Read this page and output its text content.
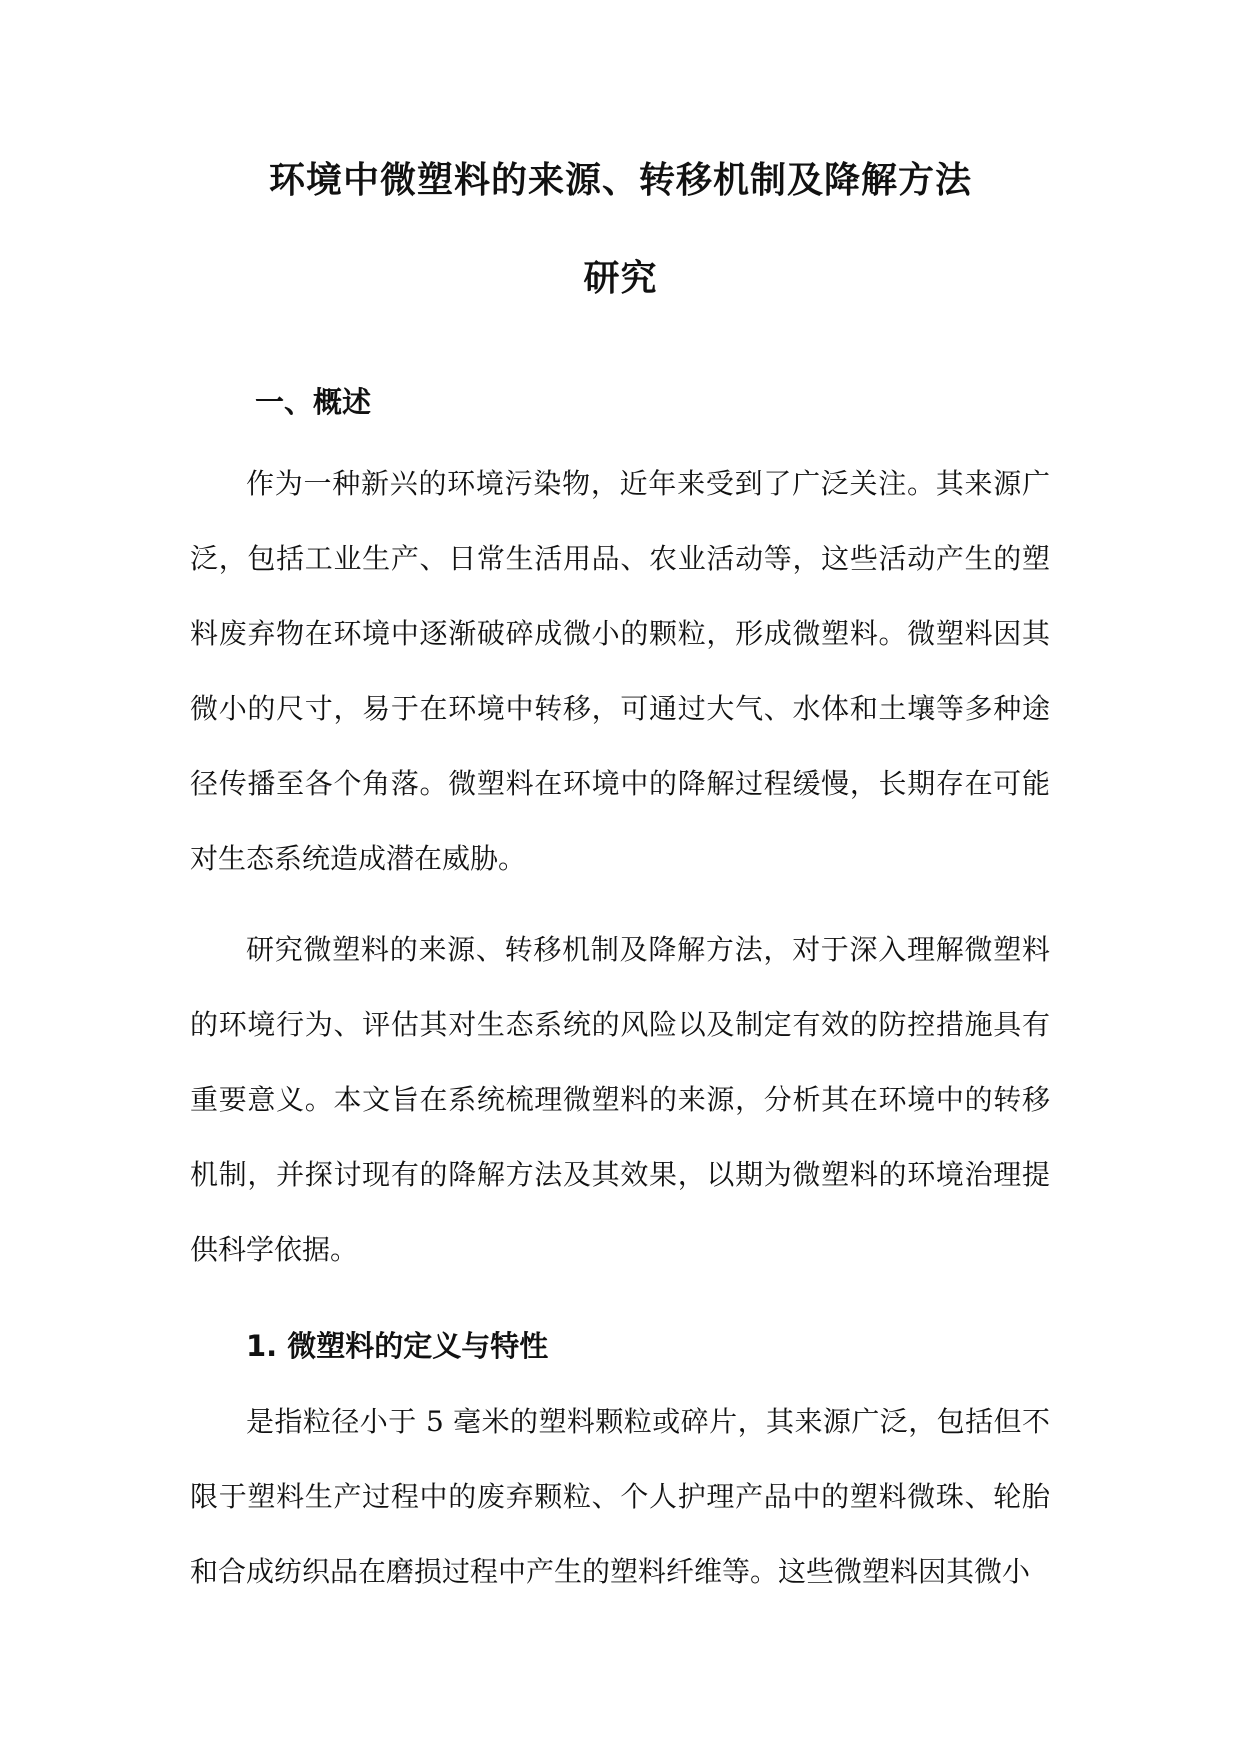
环境中微塑料的来源、转移机制及降解方法
研究
一、概述

作为一种新兴的环境污染物，近年来受到了广泛关注。其来源广泛，包括工业生产、日常生活用品、农业活动等，这些活动产生的塑料废弃物在环境中逐渐破碎成微小的颗粒，形成微塑料。微塑料因其微小的尺寸，易于在环境中转移，可通过大气、水体和土壤等多种途径传播至各个角落。微塑料在环境中的降解过程缓慢，长期存在可能对生态系统造成潜在威胁。

研究微塑料的来源、转移机制及降解方法，对于深入理解微塑料的环境行为、评估其对生态系统的风险以及制定有效的防控措施具有重要意义。本文旨在系统梳理微塑料的来源，分析其在环境中的转移机制，并探讨现有的降解方法及其效果，以期为微塑料的环境治理提供科学依据。

1. 微塑料的定义与特性

是指粒径小于 5 毫米的塑料颗粒或碎片，其来源广泛，包括但不限于塑料生产过程中的废弃颗粒、个人护理产品中的塑料微珠、轮胎和合成纺织品在磨损过程中产生的塑料纤维等。这些微塑料因其微小
